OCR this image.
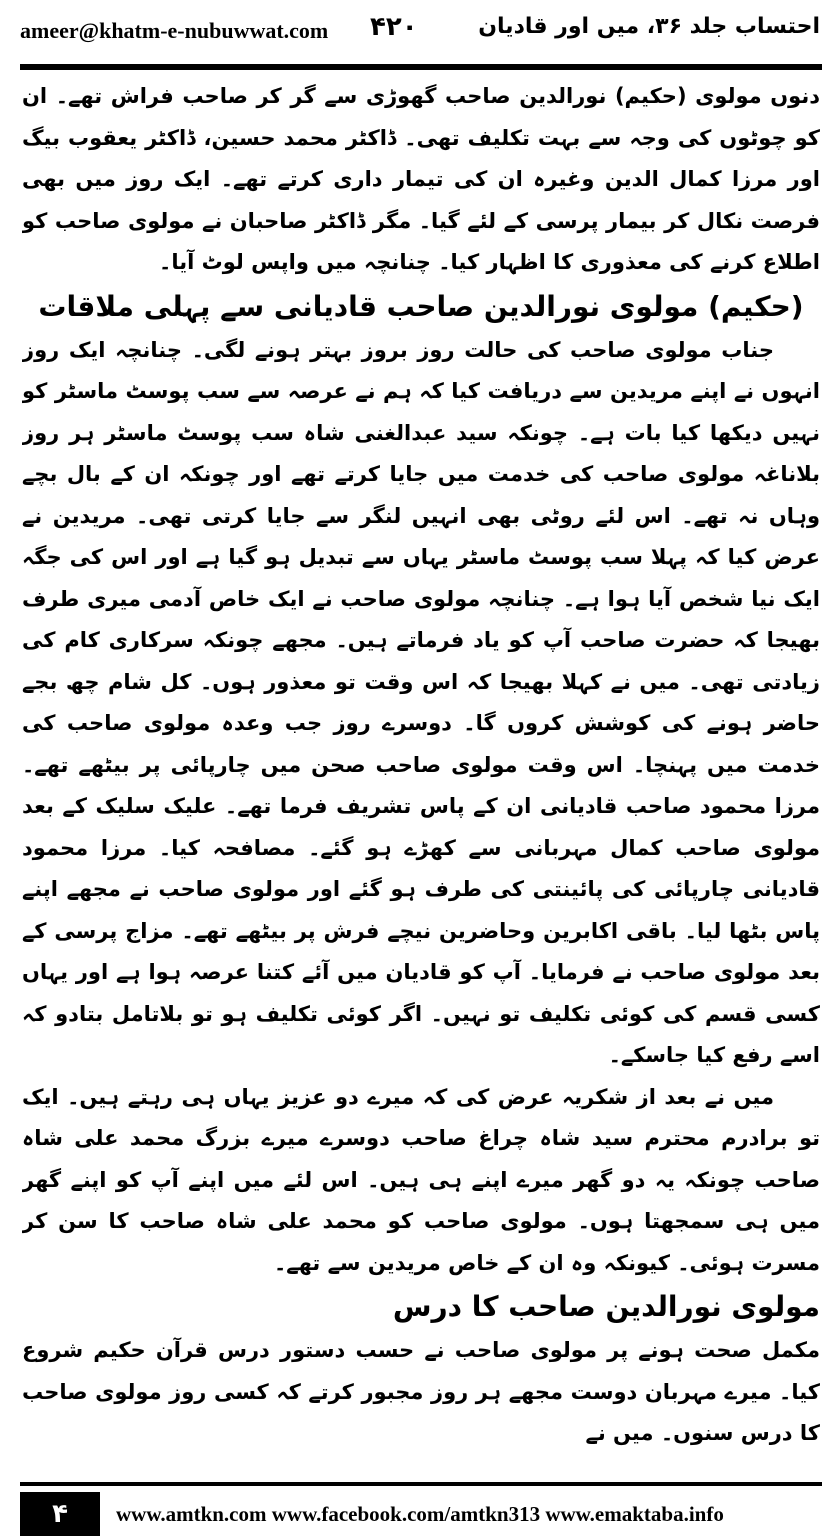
ameer@khatm-e-nubuwwat.com ۴۲۰	احتساب جلد ۳۶، میں اور قادیان

دنوں مولوی (حکیم) نورالدین صاحب گھوڑی سے گر کر صاحب فراش تھے۔ ان کو چوٹوں کی وجہ سے بہت تکلیف تھی۔ ڈاکٹر محمد حسین، ڈاکٹر یعقوب بیگ اور مرزا کمال الدین وغیرہ ان کی تیمار داری کرتے تھے۔ ایک روز میں بھی فرصت نکال کر بیمار پرسی کے لئے گیا۔ مگر ڈاکٹر صاحبان نے مولوی صاحب کو اطلاع کرنے کی معذوری کا اظہار کیا۔ چنانچہ میں واپس لوٹ آیا۔

(حکیم) مولوی نورالدین صاحب قادیانی سے پہلی ملاقات

جناب مولوی صاحب کی حالت روز بروز بہتر ہونے لگی۔ چنانچہ ایک روز انہوں نے اپنے مریدین سے دریافت کیا کہ ہم نے عرصہ سے سب پوسٹ ماسٹر کو نہیں دیکھا کیا بات ہے۔ چونکہ سید عبدالغنی شاہ سب پوسٹ ماسٹر ہر روز بلاناغہ مولوی صاحب کی خدمت میں جایا کرتے تھے اور چونکہ ان کے بال بچے وہاں نہ تھے۔ اس لئے روٹی بھی انہیں لنگر سے جایا کرتی تھی۔ مریدین نے عرض کیا کہ پہلا سب پوسٹ ماسٹر یہاں سے تبدیل ہو گیا ہے اور اس کی جگہ ایک نیا شخص آیا ہوا ہے۔ چنانچہ مولوی صاحب نے ایک خاص آدمی میری طرف بھیجا کہ حضرت صاحب آپ کو یاد فرماتے ہیں۔ مجھے چونکہ سرکاری کام کی زیادتی تھی۔ میں نے کہلا بھیجا کہ اس وقت تو معذور ہوں۔ کل شام چھ بجے حاضر ہونے کی کوشش کروں گا۔ دوسرے روز جب وعدہ مولوی صاحب کی خدمت میں پہنچا۔ اس وقت مولوی صاحب صحن میں چارپائی پر بیٹھے تھے۔ مرزا محمود صاحب قادیانی ان کے پاس تشریف فرما تھے۔ علیک سلیک کے بعد مولوی صاحب کمال مہربانی سے کھڑے ہو گئے۔ مصافحہ کیا۔ مرزا محمود قادیانی چارپائی کی پائینتی کی طرف ہو گئے اور مولوی صاحب نے مجھے اپنے پاس بٹھا لیا۔ باقی اکابرین وحاضرین نیچے فرش پر بیٹھے تھے۔ مزاج پرسی کے بعد مولوی صاحب نے فرمایا۔ آپ کو قادیان میں آئے کتنا عرصہ ہوا ہے اور یہاں کسی قسم کی کوئی تکلیف تو نہیں۔ اگر کوئی تکلیف ہو تو بلاتامل بتادو کہ اسے رفع کیا جاسکے۔

میں نے بعد از شکریہ عرض کی کہ میرے دو عزیز یہاں ہی رہتے ہیں۔ ایک تو برادرم محترم سید شاہ چراغ صاحب دوسرے میرے بزرگ محمد علی شاہ صاحب چونکہ یہ دو گھر میرے اپنے ہی ہیں۔ اس لئے میں اپنے آپ کو اپنے گھر میں ہی سمجھتا ہوں۔ مولوی صاحب کو محمد علی شاہ صاحب کا سن کر مسرت ہوئی۔ کیونکہ وہ ان کے خاص مریدین سے تھے۔

مولوی نورالدین صاحب کا درس

مکمل صحت ہونے پر مولوی صاحب نے حسب دستور درس قرآن حکیم شروع کیا۔ میرے مہربان دوست مجھے ہر روز مجبور کرتے کہ کسی روز مولوی صاحب کا درس سنوں۔ میں نے

۴	www.amtkn.com www.facebook.com/amtkn313 www.emaktaba.info
